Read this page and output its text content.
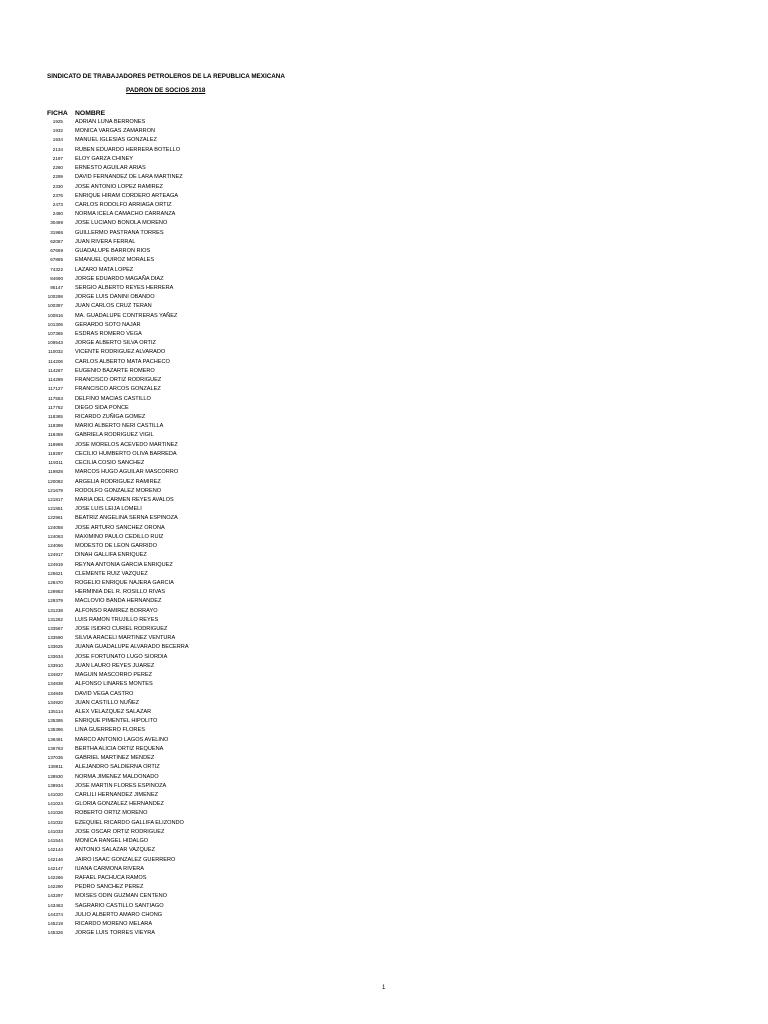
SINDICATO DE TRABAJADORES PETROLEROS DE LA REPUBLICA MEXICANA
PADRON DE SOCIOS 2018
FICHA NOMBRE
1925 ADRIAN LUNA BERRONES
1932 MONICA VARGAS ZAMARRON
1934 MANUEL IGLESIAS GONZALEZ
2134 RUBEN EDUARDO HERRERA BOTELLO
2197 ELOY GARZA CHINEY
2260 ERNESTO AGUILAR ARIAS
2299 DAVID FERNANDEZ DE LARA MARTINEZ
2330 JOSE ANTONIO LOPEZ RAMIREZ
2376 ENRIQUE HIRAM CORDERO ARTEAGA
2473 CARLOS RODOLFO ARRIAGA ORTIZ
2480 NORMA ICELA CAMACHO CARRANZA
30499 JOSE LUCIANO BONOLA MORENO
31986 GUILLERMO PASTRANA TORRES
62087 JUAN RIVERA FERRAL
67669 GUADALUPE BARRON RIOS
67885 EMANUEL QUIROZ MORALES
74322 LAZARO MATA LOPEZ
84690 JORGE EDUARDO MAGAÑA DIAZ
95147 SERGIO ALBERTO REYES HERRERA
100298 JORGE LUIS DANINI OBANDO
100397 JUAN CARLOS CRUZ TERAN
100816 MA. GUADALUPE CONTRERAS YAÑEZ
101306 GERARDO SOTO NAJAR
107365 ESDRAS ROMERO VEGA
109543 JORGE ALBERTO SILVA ORTIZ
110032 VICENTE RODRIGUEZ ALVARADO
114206 CARLOS ALBERTO MATA PACHECO
114267 EUGENIO BAZARTE ROMERO
114289 FRANCISCO ORTIZ RODRIGUEZ
117127 FRANCISCO ARCOS GONZALEZ
117553 DELFINO MACIAS CASTILLO
117762 DIEGO SIDA PONCE
118365 RICARDO ZUÑIGA GOMEZ
118399 MARIO ALBERTO NERI CASTILLA
118459 GABRIELA RODRIGUEZ VIGIL
118969 JOSE MORELOS ACEVEDO MARTINEZ
119297 CECILIO HUMBERTO OLIVA BARREDA
119311 CECILIA COSIO SANCHEZ
119828 MARCOS HUGO AGUILAR MASCORRO
120082 ARGELIA RODRIGUEZ RAMIREZ
121679 RODOLFO GONZALEZ MORENO
121817 MARIA DEL CARMEN REYES AVALOS
121851 JOSE LUIS LEIJA LOMELI
122961 BEATRIZ ANGELINA SERNA ESPINOZA
124058 JOSE ARTURO SANCHEZ ORONA
124063 MAXIMINO PAULO CEDILLO RUIZ
124066 MODESTO DE LEON GARRIDO
124917 DINAH GALLIFA ENRIQUEZ
124919 REYNA ANTONIA GARCIA ENRIQUEZ
125621 CLEMENTE RUIZ VAZQUEZ
128470 ROGELIO ENRIQUE NAJERA GARCIA
129953 HERMINIA DEL R. ROSILLO RIVAS
129379 MACLOVIO BANDA HERNANDEZ
131238 ALFONSO RAMIREZ BORRAYO
131262 LUIS RAMON TRUJILLO REYES
133567 JOSE ISIDRO CURIEL RODRIGUEZ
133590 SILVIA ARACELI MARTINEZ VENTURA
133625 JUANA GUADALUPE ALVARADO BECERRA
133634 JOSE FORTUNATO LUGO SIORDIA
133910 JUAN LAURO REYES JUAREZ
134827 MAGUIN MASCORRO PEREZ
134838 ALFONSO LINARES MONTES
134849 DAVID VEGA CASTRO
134920 JUAN CASTILLO NUÑEZ
135114 ALEX VELAZQUEZ SALAZAR
135395 ENRIQUE PIMENTEL HIPOLITO
135396 LINA GUERRERO FLORES
136491 MARCO ANTONIO LAGOS AVELINO
136763 BERTHA ALICIA ORTIZ REQUENA
137035 GABRIEL MARTINEZ MENDEZ
138911 ALEJANDRO SALDIERNA ORTIZ
138930 NORMA JIMENEZ MALDONADO
138934 JOSE MARTIN FLORES ESPINOZA
141020 CARLILI HERNANDEZ JIMENEZ
141024 GLORIA GONZALEZ HERNANDEZ
141026 ROBERTO ORTIZ MORENO
141032 EZEQUIEL RICARDO GALLIFA ELIZONDO
141033 JOSE OSCAR ORTIZ RODRIGUEZ
141544 MONICA RANGEL HIDALGO
142144 ANTONIO SALAZAR VAZQUEZ
142146 JAIRO ISAAC GONZALEZ GUERRERO
142147 IUANA CARMONA RIVERA
142266 RAFAEL PACHUCA RAMOS
142290 PEDRO SANCHEZ PEREZ
143297 MOISES ODIN GUZMAN CENTENO
143463 SAGRARIO CASTILLO SANTIAGO
144374 JULIO ALBERTO AMARO CHONG
145219 RICARDO MORENO MELARA
145326 JORGE LUIS TORRES VIEYRA
1
